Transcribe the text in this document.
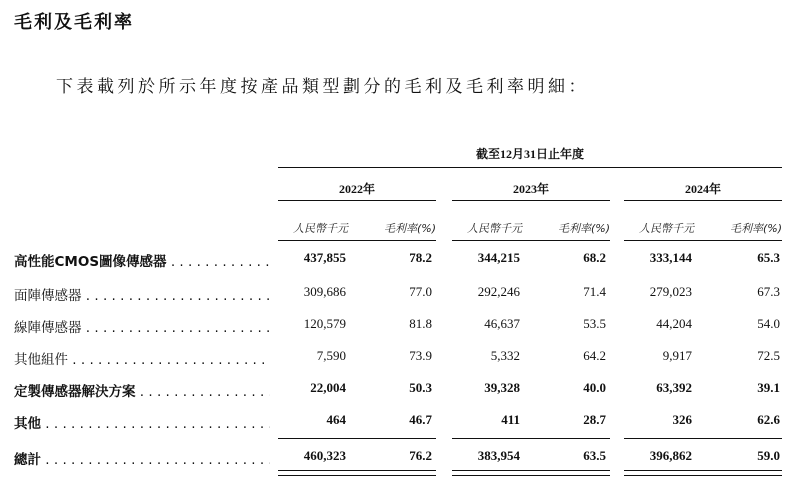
毛利及毛利率
下表載列於所示年度按產品類型劃分的毛利及毛利率明細：
截至12月31日止年度
2022年	2023年	2024年
人民幣千元	毛利率(%)	人民幣千元	毛利率(%)	人民幣千元	毛利率(%)
高性能CMOS圖像傳感器 . . .	437,855	78.2	344,215	68.2	333,144	65.3
面陣傳感器 . . .	309,686	77.0	292,246	71.4	279,023	67.3
線陣傳感器 . . .	120,579	81.8	46,637	53.5	44,204	54.0
其他組件 . . .	7,590	73.9	5,332	64.2	9,917	72.5
定製傳感器解決方案 . . .	22,004	50.3	39,328	40.0	63,392	39.1
其他 . . .	464	46.7	411	28.7	326	62.6
總計 . . .	460,323	76.2	383,954	63.5	396,862	59.0
